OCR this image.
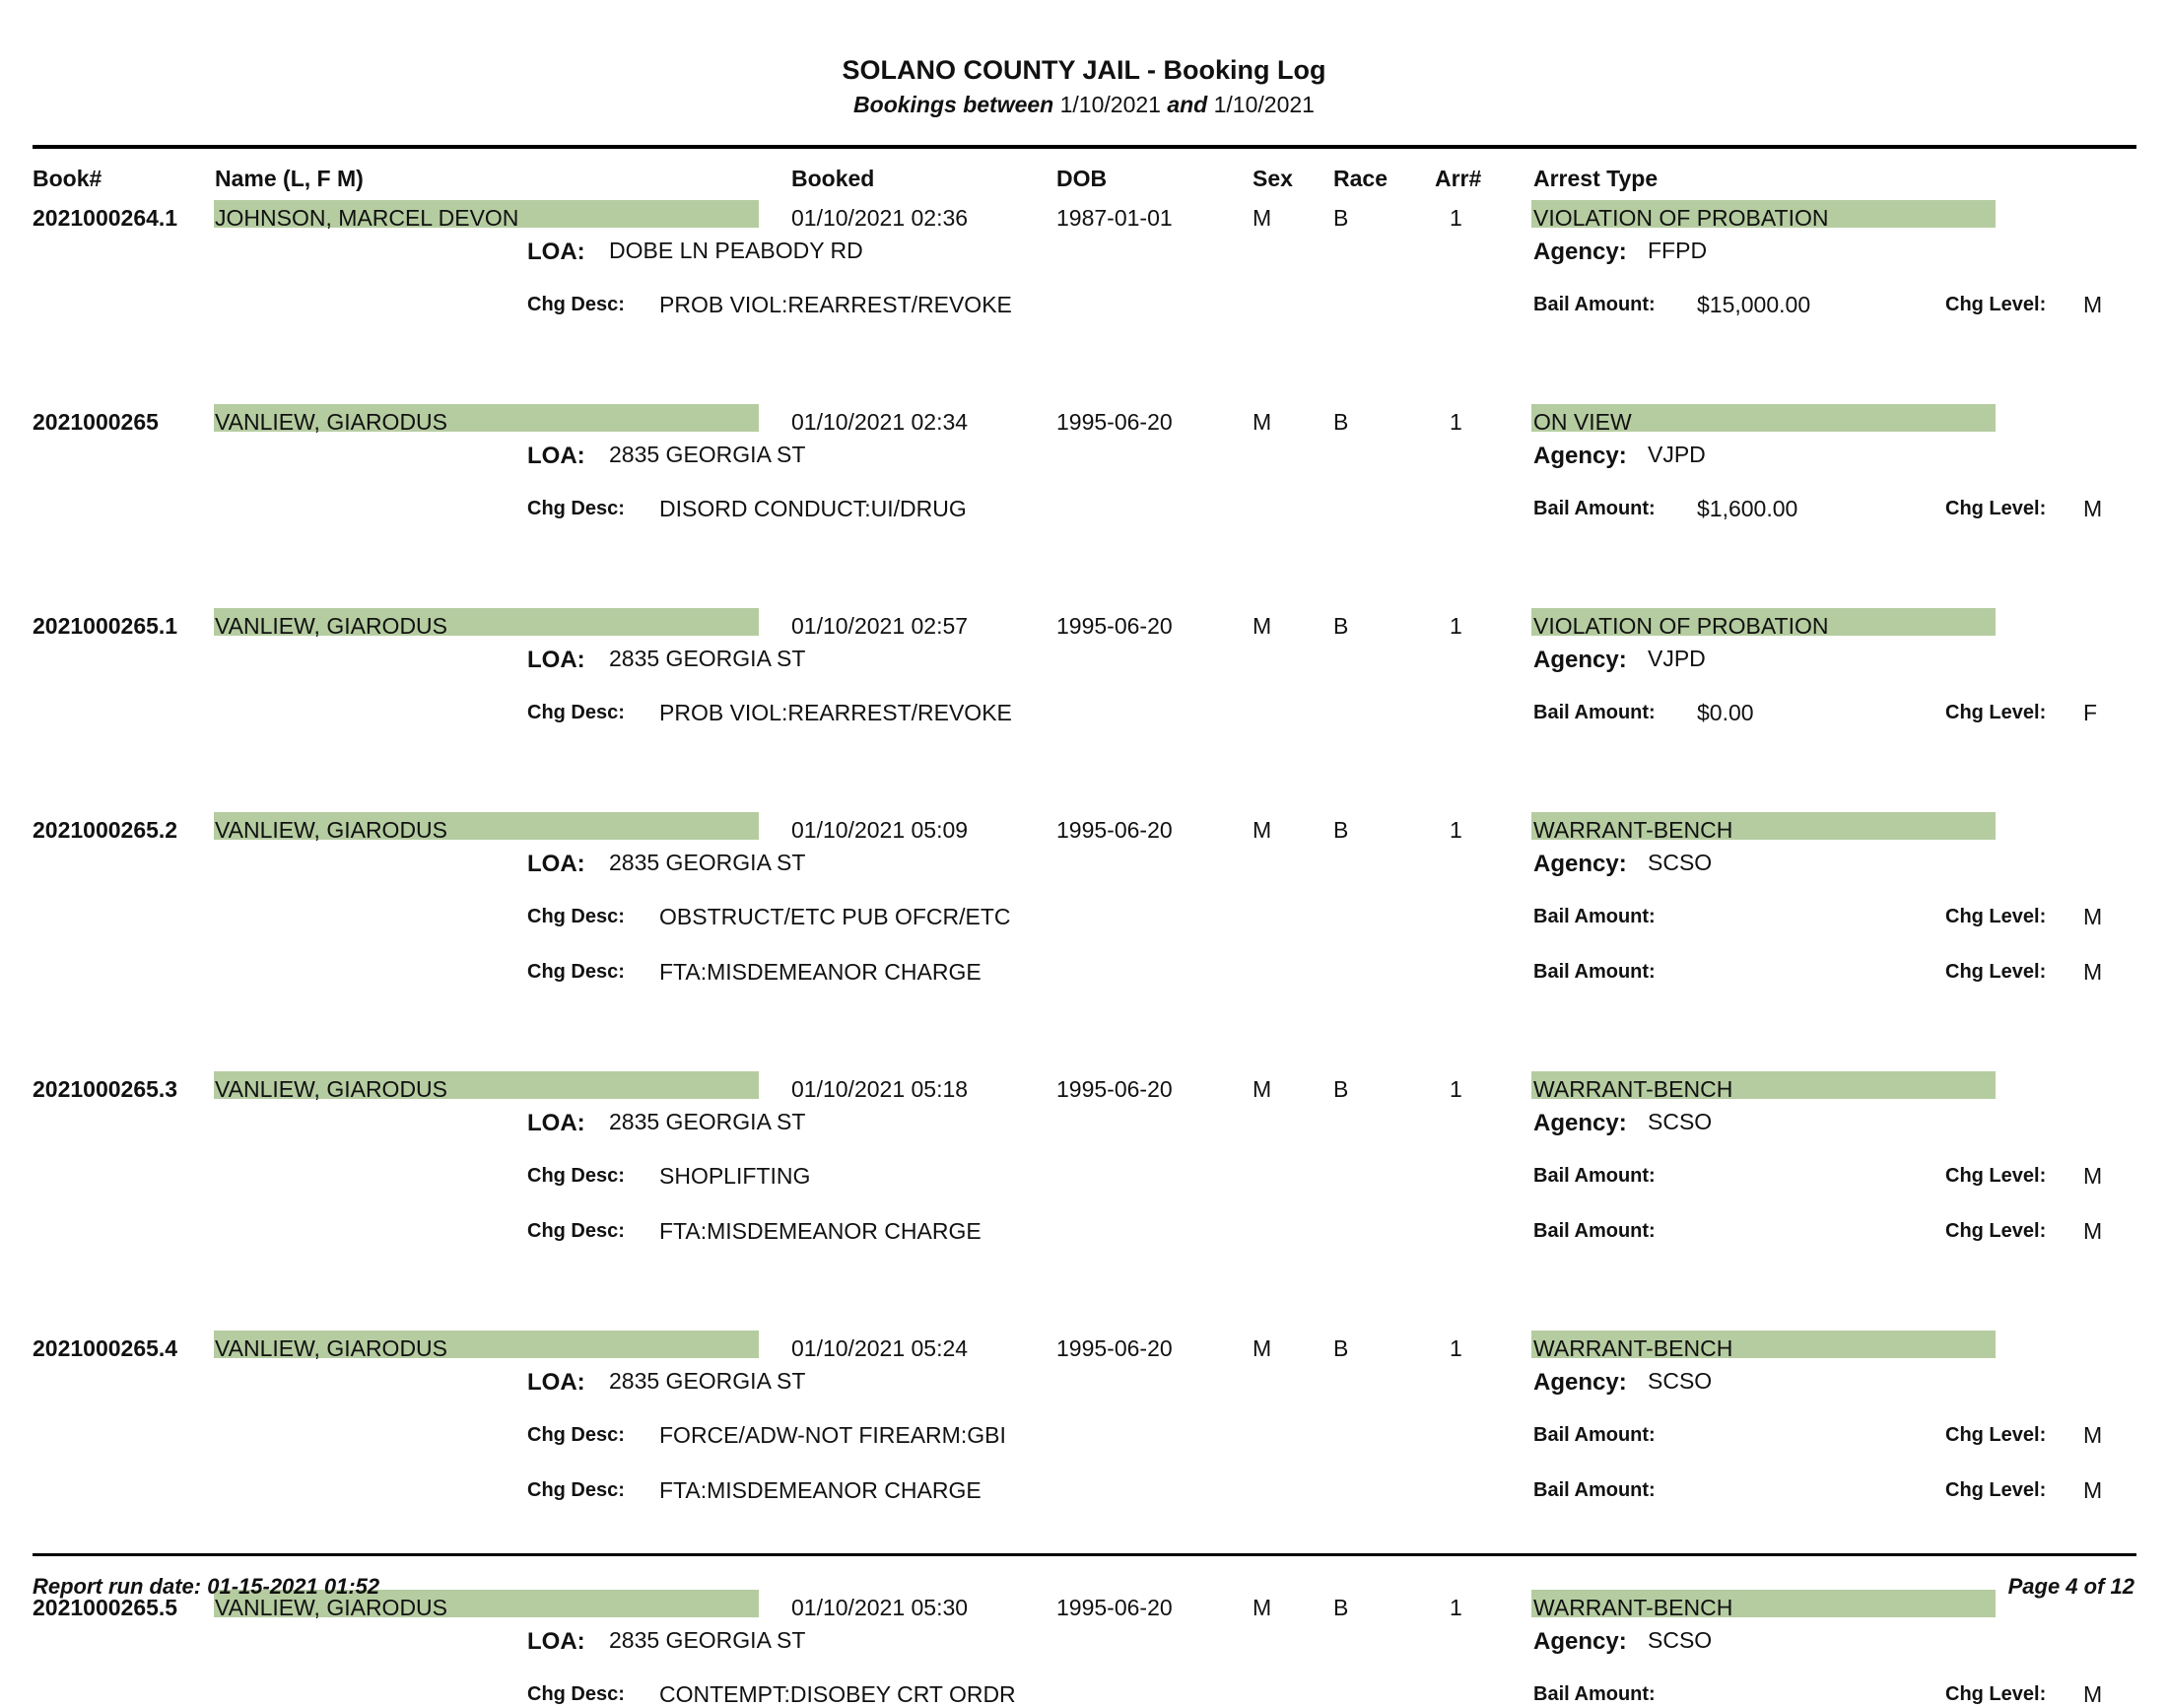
SOLANO COUNTY JAIL - Booking Log
Bookings between 1/10/2021 and 1/10/2021
Book#	Name (L, F M)	Booked	DOB	Sex Race Arr# Arrest Type
2021000264.1 JOHNSON, MARCEL DEVON	01/10/2021 02:36	1987-01-01	M	B	1	VIOLATION OF PROBATION
LOA: DOBE LN PEABODY RD	Agency: FFPD
Chg Desc: PROB VIOL:REARREST/REVOKE	Bail Amount: $15,000.00	Chg Level: M
2021000265 VANLIEW, GIARODUS	01/10/2021 02:34	1995-06-20	M	B	1	ON VIEW
LOA: 2835 GEORGIA ST	Agency: VJPD
Chg Desc: DISORD CONDUCT:UI/DRUG	Bail Amount: $1,600.00	Chg Level: M
2021000265.1 VANLIEW, GIARODUS	01/10/2021 02:57	1995-06-20	M	B	1	VIOLATION OF PROBATION
LOA: 2835 GEORGIA ST	Agency: VJPD
Chg Desc: PROB VIOL:REARREST/REVOKE	Bail Amount: $0.00	Chg Level: F
2021000265.2 VANLIEW, GIARODUS	01/10/2021 05:09	1995-06-20	M	B	1	WARRANT-BENCH
LOA: 2835 GEORGIA ST	Agency: SCSO
Chg Desc: OBSTRUCT/ETC PUB OFCR/ETC	Bail Amount:	Chg Level: M
Chg Desc: FTA:MISDEMEANOR CHARGE	Bail Amount:	Chg Level: M
2021000265.3 VANLIEW, GIARODUS	01/10/2021 05:18	1995-06-20	M	B	1	WARRANT-BENCH
LOA: 2835 GEORGIA ST	Agency: SCSO
Chg Desc: SHOPLIFTING	Bail Amount:	Chg Level: M
Chg Desc: FTA:MISDEMEANOR CHARGE	Bail Amount:	Chg Level: M
2021000265.4 VANLIEW, GIARODUS	01/10/2021 05:24	1995-06-20	M	B	1	WARRANT-BENCH
LOA: 2835 GEORGIA ST	Agency: SCSO
Chg Desc: FORCE/ADW-NOT FIREARM:GBI	Bail Amount:	Chg Level: M
Chg Desc: FTA:MISDEMEANOR CHARGE	Bail Amount:	Chg Level: M
2021000265.5 VANLIEW, GIARODUS	01/10/2021 05:30	1995-06-20	M	B	1	WARRANT-BENCH
LOA: 2835 GEORGIA ST	Agency: SCSO
Chg Desc: CONTEMPT:DISOBEY CRT ORDR	Bail Amount:	Chg Level: M
Report run date: 01-15-2021 01:52	Page 4 of 12
